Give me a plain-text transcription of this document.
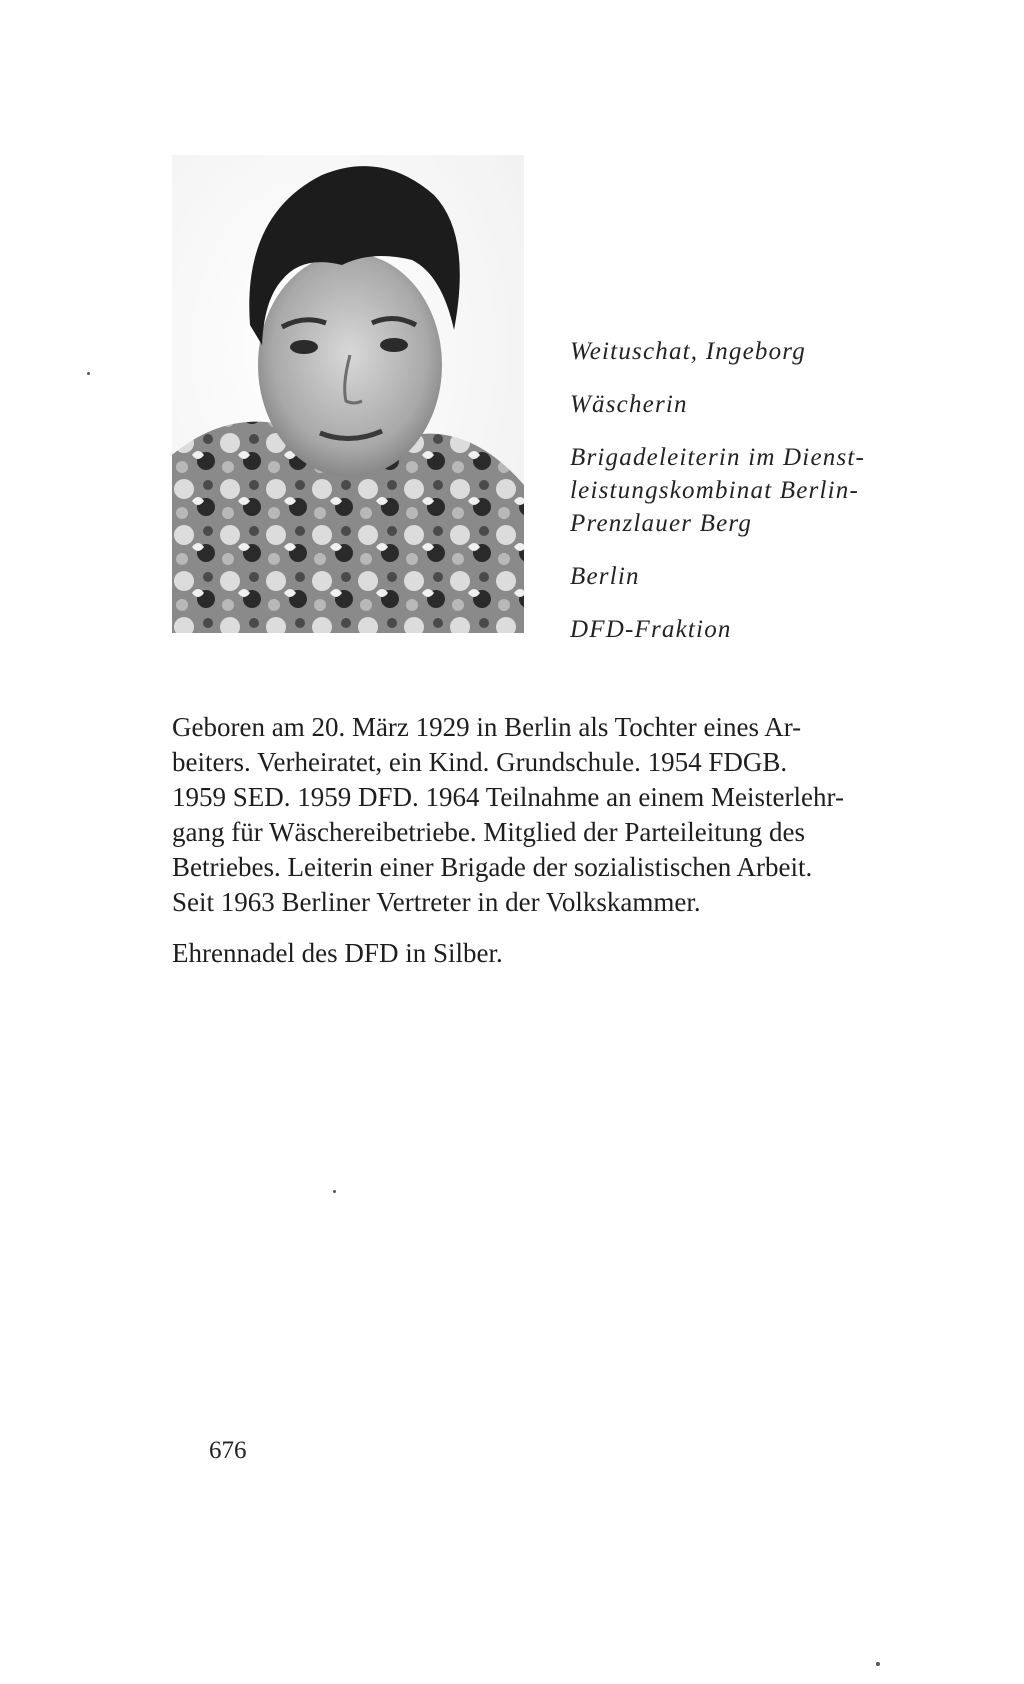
Weituschat, Ingeborg
Wäscherin
Brigadeleiterin im Dienst-
leistungskombinat Berlin-
Prenzlauer Berg
Berlin
DFD-Fraktion
Geboren am 20. März 1929 in Berlin als Tochter eines Ar-
beiters. Verheiratet, ein Kind. Grundschule. 1954 FDGB.
1959 SED. 1959 DFD. 1964 Teilnahme an einem Meisterlehr-
gang für Wäschereibetriebe. Mitglied der Parteileitung des
Betriebes. Leiterin einer Brigade der sozialistischen Arbeit.
Seit 1963 Berliner Vertreter in der Volkskammer.
Ehrennadel des DFD in Silber.
676
